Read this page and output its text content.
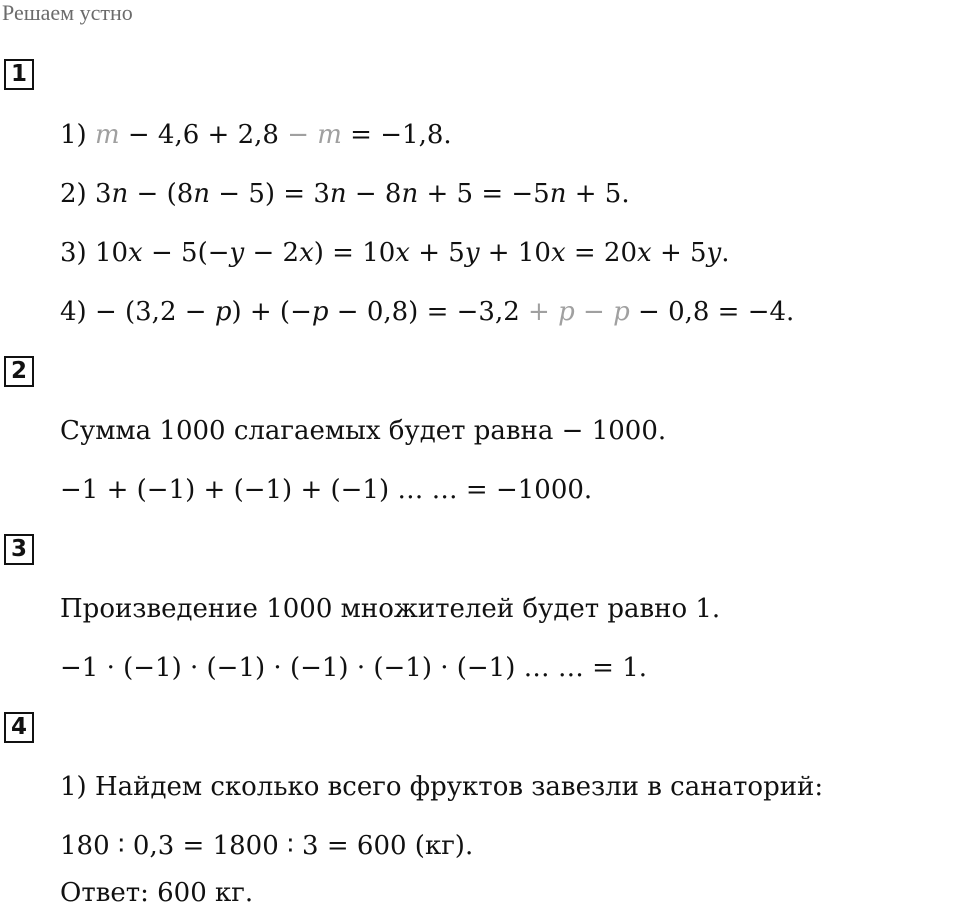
Решаем устно
1
1) m − 4,6 + 2,8 − m = −1,8.
2) 3n − (8n − 5) = 3n − 8n + 5 = −5n + 5.
3) 10x − 5(−y − 2x) = 10x + 5y + 10x = 20x + 5y.
4) − (3,2 − p) + (−p − 0,8) = −3,2 + p − p − 0,8 = −4.
2
Сумма 1000 слагаемых будет равна − 1000.
−1 + (−1) + (−1) + (−1) … … = −1000.
3
Произведение 1000 множителей будет равно 1.
−1 · (−1) · (−1) · (−1) · (−1) · (−1) … … = 1.
4
1) Найдем сколько всего фруктов завезли в санаторий:
180 ∶ 0,3 = 1800 ∶ 3 = 600 (кг).
Ответ: 600 кг.
